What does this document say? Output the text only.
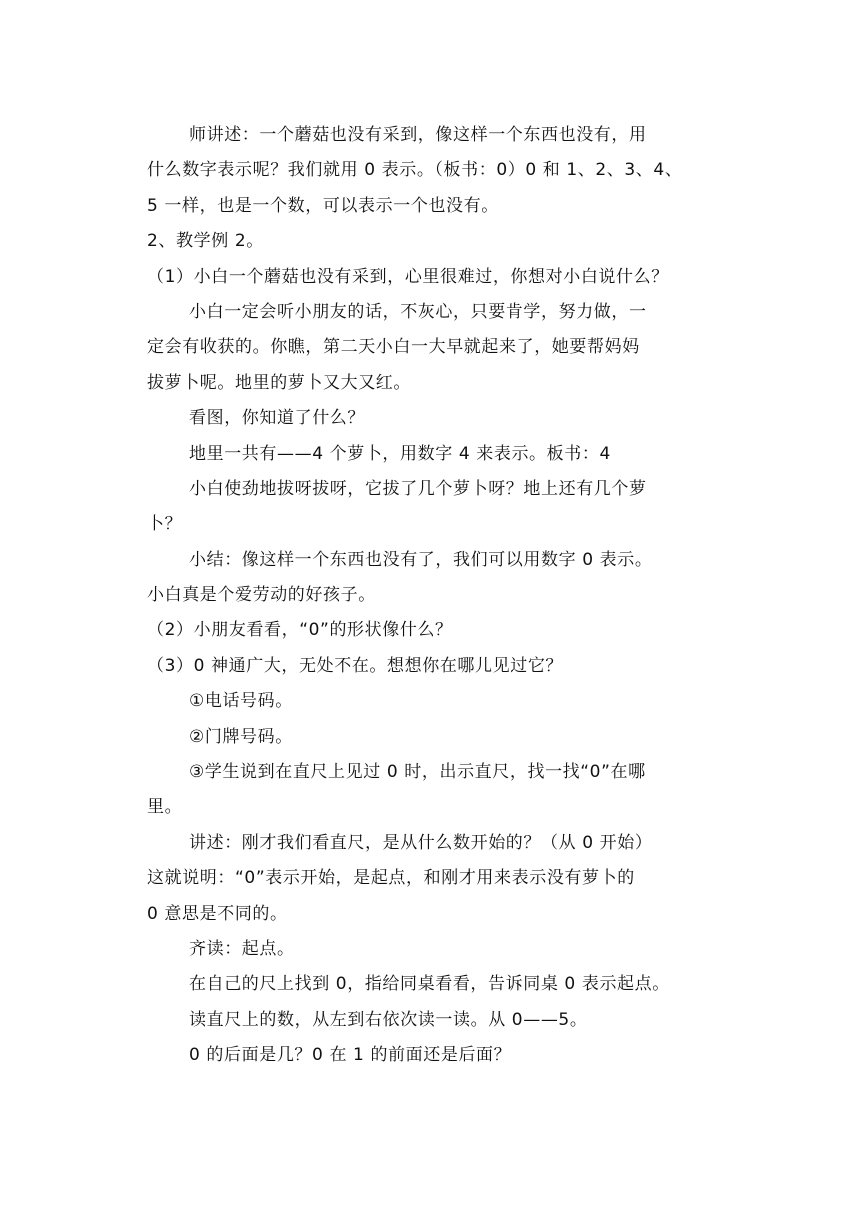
师讲述：一个蘑菇也没有采到，像这样一个东西也没有，用
什么数字表示呢？我们就用 0 表示。（板书：0）0 和 1、2、3、4、
5 一样，也是一个数，可以表示一个也没有。
2、教学例 2。
（1）小白一个蘑菇也没有采到，心里很难过，你想对小白说什么？
小白一定会听小朋友的话，不灰心，只要肯学，努力做，一
定会有收获的。你瞧，第二天小白一大早就起来了，她要帮妈妈
拔萝卜呢。地里的萝卜又大又红。
看图，你知道了什么？
地里一共有——4 个萝卜，用数字 4 来表示。板书：4
小白使劲地拔呀拔呀，它拔了几个萝卜呀？地上还有几个萝
卜？
小结：像这样一个东西也没有了，我们可以用数字 0 表示。
小白真是个爱劳动的好孩子。
（2）小朋友看看，“0”的形状像什么？
（3）0 神通广大，无处不在。想想你在哪儿见过它？
①电话号码。
②门牌号码。
③学生说到在直尺上见过 0 时，出示直尺，找一找“0”在哪
里。
讲述：刚才我们看直尺，是从什么数开始的？（从 0 开始）
这就说明：“0”表示开始，是起点，和刚才用来表示没有萝卜的
0 意思是不同的。
齐读：起点。
在自己的尺上找到 0，指给同桌看看，告诉同桌 0 表示起点。
读直尺上的数，从左到右依次读一读。从 0——5。
0 的后面是几？0 在 1 的前面还是后面？
